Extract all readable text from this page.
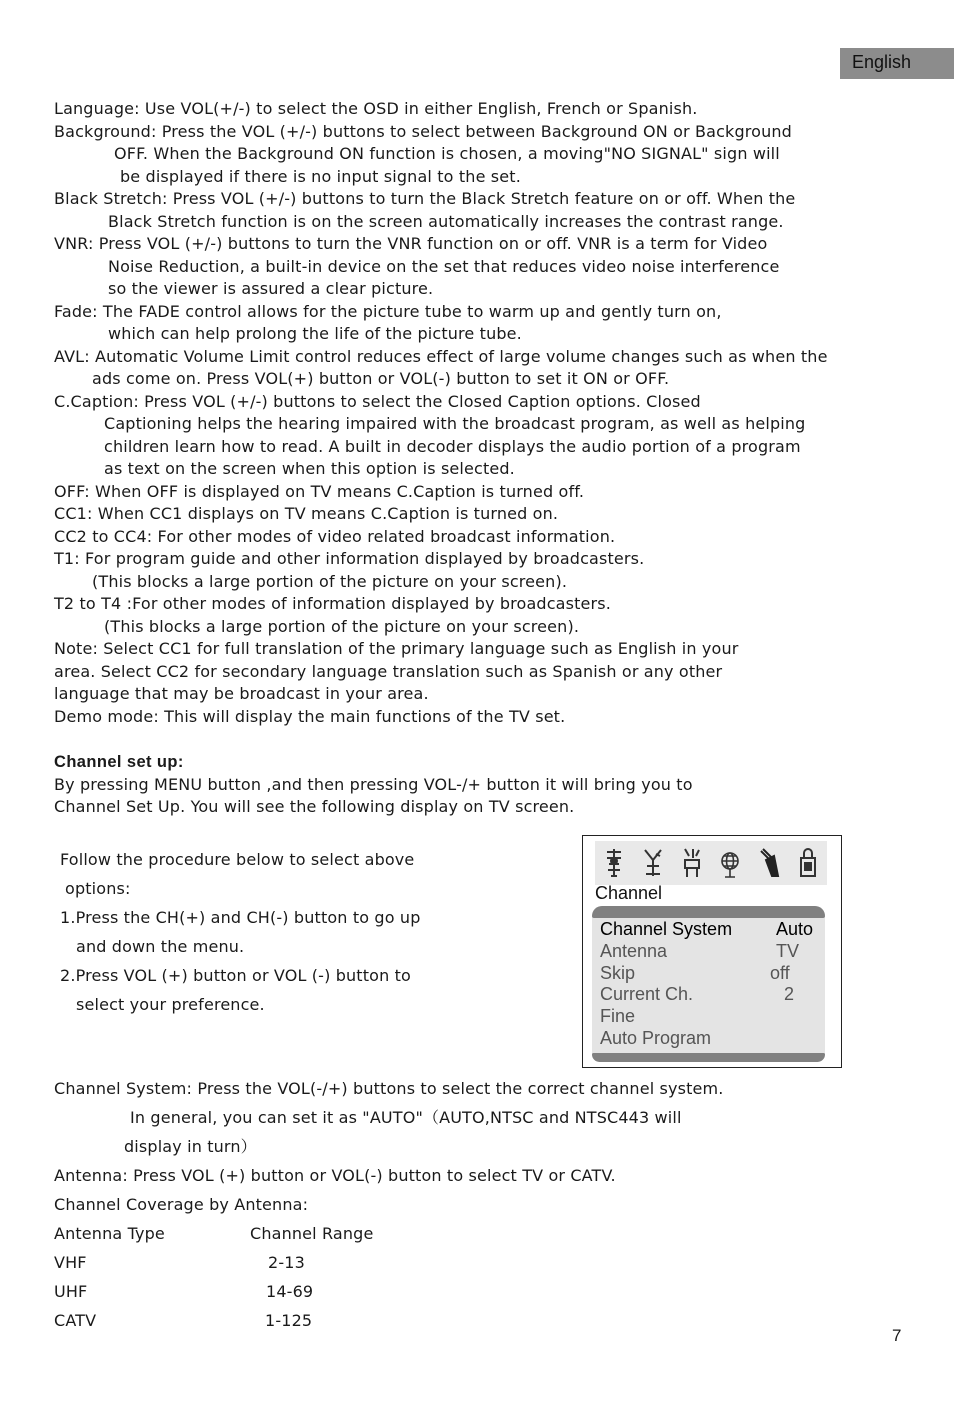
English
Language: Use VOL(+/-) to select the OSD in either English, French or Spanish.
Background: Press the VOL (+/-) buttons to select between Background ON or Background
OFF. When the Background ON function is chosen, a moving"NO SIGNAL" sign will
be displayed if there is no input signal to the set.
Black Stretch: Press VOL (+/-) buttons to turn the Black Stretch feature on or off. When the
Black Stretch function is on the screen automatically increases the contrast range.
VNR: Press VOL (+/-) buttons to turn the VNR function on or off. VNR is a term for Video
Noise Reduction, a built-in device on the set that reduces video noise interference
so the viewer is assured a clear picture.
Fade: The FADE control allows for the picture tube to warm up and gently turn on,
which can help prolong the life of the picture tube.
AVL: Automatic Volume Limit control reduces effect of large volume changes such as when the
ads come on. Press VOL(+) button or VOL(-) button to set it ON or OFF.
C.Caption: Press VOL (+/-) buttons to select the Closed Caption options. Closed
Captioning helps the hearing impaired with the broadcast program, as well as helping
children learn how to read. A built in decoder displays the audio portion of a program
as text on the screen when this option is selected.
OFF: When OFF is displayed on TV means C.Caption is turned off.
CC1: When CC1 displays on TV means C.Caption is turned on.
CC2 to CC4: For other modes of video related broadcast information.
T1: For program guide and other information displayed by broadcasters.
(This blocks a large portion of the picture on your screen).
T2 to T4 :For other modes of information displayed by broadcasters.
(This blocks a large portion of the picture on your screen).
Note: Select CC1 for full translation of the primary language such as English in your
area. Select CC2 for secondary language translation such as Spanish or any other
language that may be broadcast in your area.
Demo mode: This will display the main functions of the TV set.
Channel set up:
By pressing MENU button ,and then pressing VOL-/+ button it will bring you to
Channel Set Up. You will see the following display on TV screen.
Follow the procedure below to select above
options:
1.Press the CH(+) and CH(-) button to go up
and down the menu.
2.Press VOL (+) button or VOL (-) button to
select your preference.
Channel
Channel System Auto
Antenna	TV
Skip	off
Current Ch.	2
Fine
Auto Program
Channel System: Press the VOL(-/+) buttons to select the correct channel system.
In general, you can set it as "AUTO"（AUTO,NTSC and NTSC443 will
display in turn）
Antenna: Press VOL (+) button or VOL(-) button to select TV or CATV.
Channel Coverage by Antenna:
Antenna Type	Channel Range
VHF	2-13
UHF	14-69
CATV	1-125
7
